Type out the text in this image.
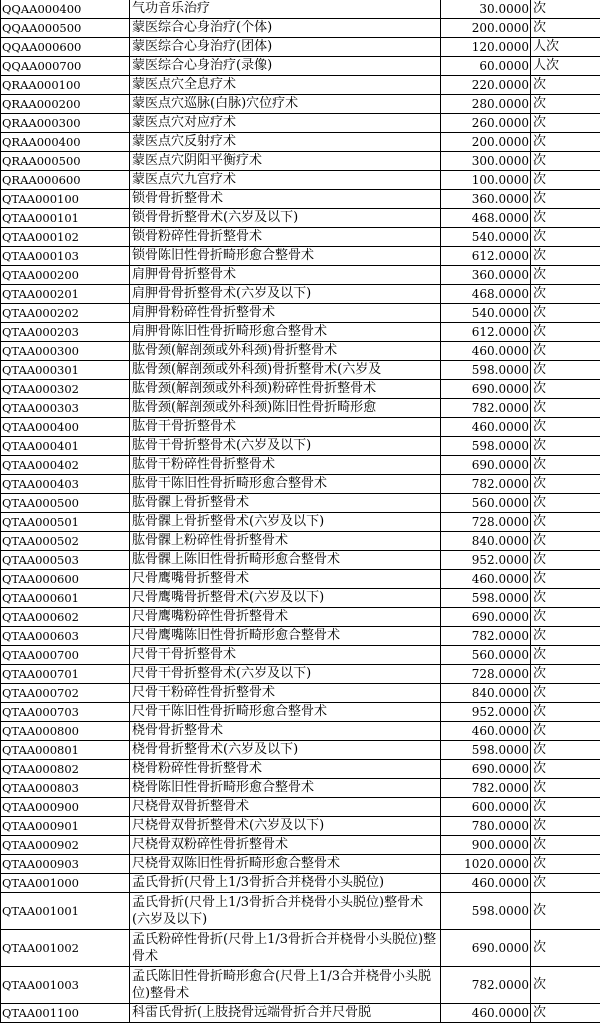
QQAA000400	气功音乐治疗	30.0000	次
QQAA000500	蒙医综合心身治疗(个体)	200.0000	次
QQAA000600	蒙医综合心身治疗(团体)	120.0000	人次
QQAA000700	蒙医综合心身治疗(录像)	60.0000	人次
QRAA000100	蒙医点穴全息疗术	220.0000	次
QRAA000200	蒙医点穴巡脉(白脉)穴位疗术	280.0000	次
QRAA000300	蒙医点穴对应疗术	260.0000	次
QRAA000400	蒙医点穴反射疗术	200.0000	次
QRAA000500	蒙医点穴阴阳平衡疗术	300.0000	次
QRAA000600	蒙医点穴九宫疗术	100.0000	次
QTAA000100	锁骨骨折整骨术	360.0000	次
QTAA000101	锁骨骨折整骨术(六岁及以下)	468.0000	次
QTAA000102	锁骨粉碎性骨折整骨术	540.0000	次
QTAA000103	锁骨陈旧性骨折畸形愈合整骨术	612.0000	次
QTAA000200	肩胛骨骨折整骨术	360.0000	次
QTAA000201	肩胛骨骨折整骨术(六岁及以下)	468.0000	次
QTAA000202	肩胛骨粉碎性骨折整骨术	540.0000	次
QTAA000203	肩胛骨陈旧性骨折畸形愈合整骨术	612.0000	次
QTAA000300	肱骨颈(解剖颈或外科颈)骨折整骨术	460.0000	次
QTAA000301	肱骨颈(解剖颈或外科颈)骨折整骨术(六岁及	598.0000	次
QTAA000302	肱骨颈(解剖颈或外科颈)粉碎性骨折整骨术	690.0000	次
QTAA000303	肱骨颈(解剖颈或外科颈)陈旧性骨折畸形愈	782.0000	次
QTAA000400	肱骨干骨折整骨术	460.0000	次
QTAA000401	肱骨干骨折整骨术(六岁及以下)	598.0000	次
QTAA000402	肱骨干粉碎性骨折整骨术	690.0000	次
QTAA000403	肱骨干陈旧性骨折畸形愈合整骨术	782.0000	次
QTAA000500	肱骨髁上骨折整骨术	560.0000	次
QTAA000501	肱骨髁上骨折整骨术(六岁及以下)	728.0000	次
QTAA000502	肱骨髁上粉碎性骨折整骨术	840.0000	次
QTAA000503	肱骨髁上陈旧性骨折畸形愈合整骨术	952.0000	次
QTAA000600	尺骨鹰嘴骨折整骨术	460.0000	次
QTAA000601	尺骨鹰嘴骨折整骨术(六岁及以下)	598.0000	次
QTAA000602	尺骨鹰嘴粉碎性骨折整骨术	690.0000	次
QTAA000603	尺骨鹰嘴陈旧性骨折畸形愈合整骨术	782.0000	次
QTAA000700	尺骨干骨折整骨术	560.0000	次
QTAA000701	尺骨干骨折整骨术(六岁及以下)	728.0000	次
QTAA000702	尺骨干粉碎性骨折整骨术	840.0000	次
QTAA000703	尺骨干陈旧性骨折畸形愈合整骨术	952.0000	次
QTAA000800	桡骨骨折整骨术	460.0000	次
QTAA000801	桡骨骨折整骨术(六岁及以下)	598.0000	次
QTAA000802	桡骨粉碎性骨折整骨术	690.0000	次
QTAA000803	桡骨陈旧性骨折畸形愈合整骨术	782.0000	次
QTAA000900	尺桡骨双骨折整骨术	600.0000	次
QTAA000901	尺桡骨双骨折整骨术(六岁及以下)	780.0000	次
QTAA000902	尺桡骨双粉碎性骨折整骨术	900.0000	次
QTAA000903	尺桡骨双陈旧性骨折畸形愈合整骨术	1020.0000	次
QTAA001000	孟氏骨折(尺骨上1/3骨折合并桡骨小头脱位)	460.0000	次
QTAA001001	孟氏骨折(尺骨上1/3骨折合并桡骨小头脱位)整骨术(六岁及以下)	598.0000	次
QTAA001002	孟氏粉碎性骨折(尺骨上1/3骨折合并桡骨小头脱位)整骨术	690.0000	次
QTAA001003	孟氏陈旧性骨折畸形愈合(尺骨上1/3合并桡骨小头脱位)整骨术	782.0000	次
QTAA001100	科雷氏骨折(上肢挠骨远端骨折合并尺骨脱	460.0000	次
